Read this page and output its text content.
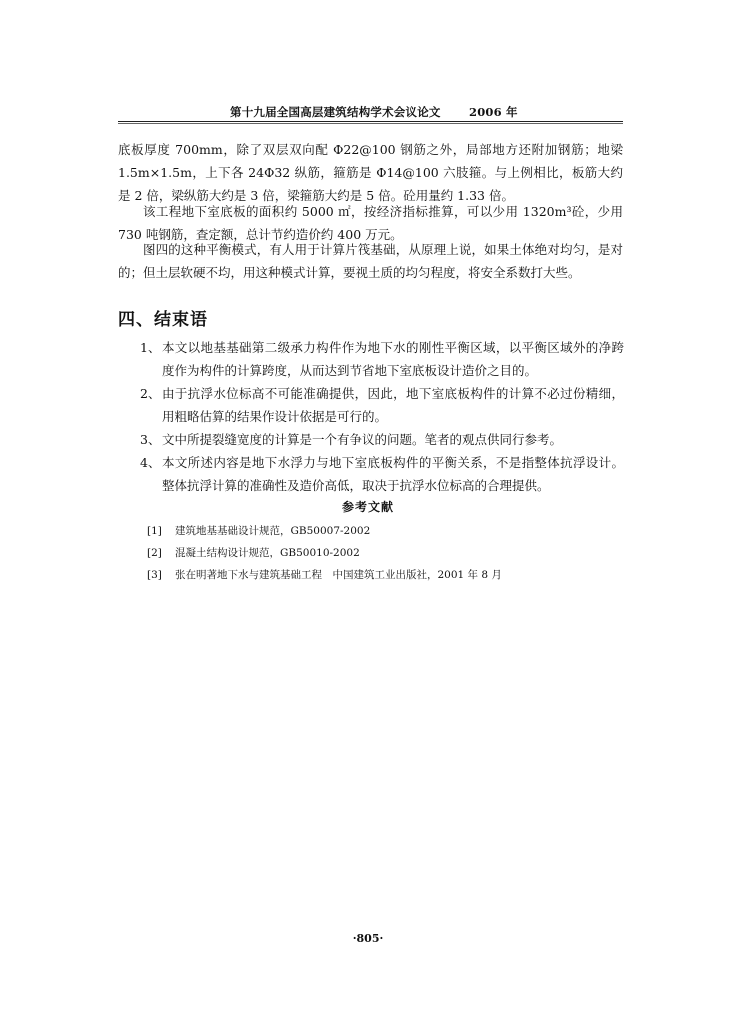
第十九届全国高层建筑结构学术会议论文 2006 年
底板厚度 700mm，除了双层双向配 Φ22@100 钢筋之外，局部地方还附加钢筋；地梁 1.5m×1.5m，上下各 24Φ32 纵筋，箍筋是 Φ14@100 六肢箍。与上例相比，板筋大约是 2 倍，梁纵筋大约是 3 倍，梁箍筋大约是 5 倍。砼用量约 1.33 倍。
该工程地下室底板的面积约 5000 ㎡，按经济指标推算，可以少用 1320m³砼，少用 730 吨钢筋，查定额，总计节约造价约 400 万元。
图四的这种平衡模式，有人用于计算片筏基础，从原理上说，如果土体绝对均匀，是对的；但土层软硬不均，用这种模式计算，要视土质的均匀程度，将安全系数打大些。
四、结束语
1、 本文以地基基础第二级承力构件作为地下水的刚性平衡区域，以平衡区域外的净跨度作为构件的计算跨度，从而达到节省地下室底板设计造价之目的。
2、 由于抗浮水位标高不可能准确提供，因此，地下室底板构件的计算不必过份精细，用粗略估算的结果作设计依据是可行的。
3、 文中所提裂缝宽度的计算是一个有争议的问题。笔者的观点供同行参考。
4、 本文所述内容是地下水浮力与地下室底板构件的平衡关系，不是指整体抗浮设计。整体抗浮计算的准确性及造价高低，取决于抗浮水位标高的合理提供。
参考文献
[1] 建筑地基基础设计规范，GB50007-2002
[2] 混凝土结构设计规范，GB50010-2002
[3] 张在明著地下水与建筑基础工程　中国建筑工业出版社，2001 年 8 月
·805·
